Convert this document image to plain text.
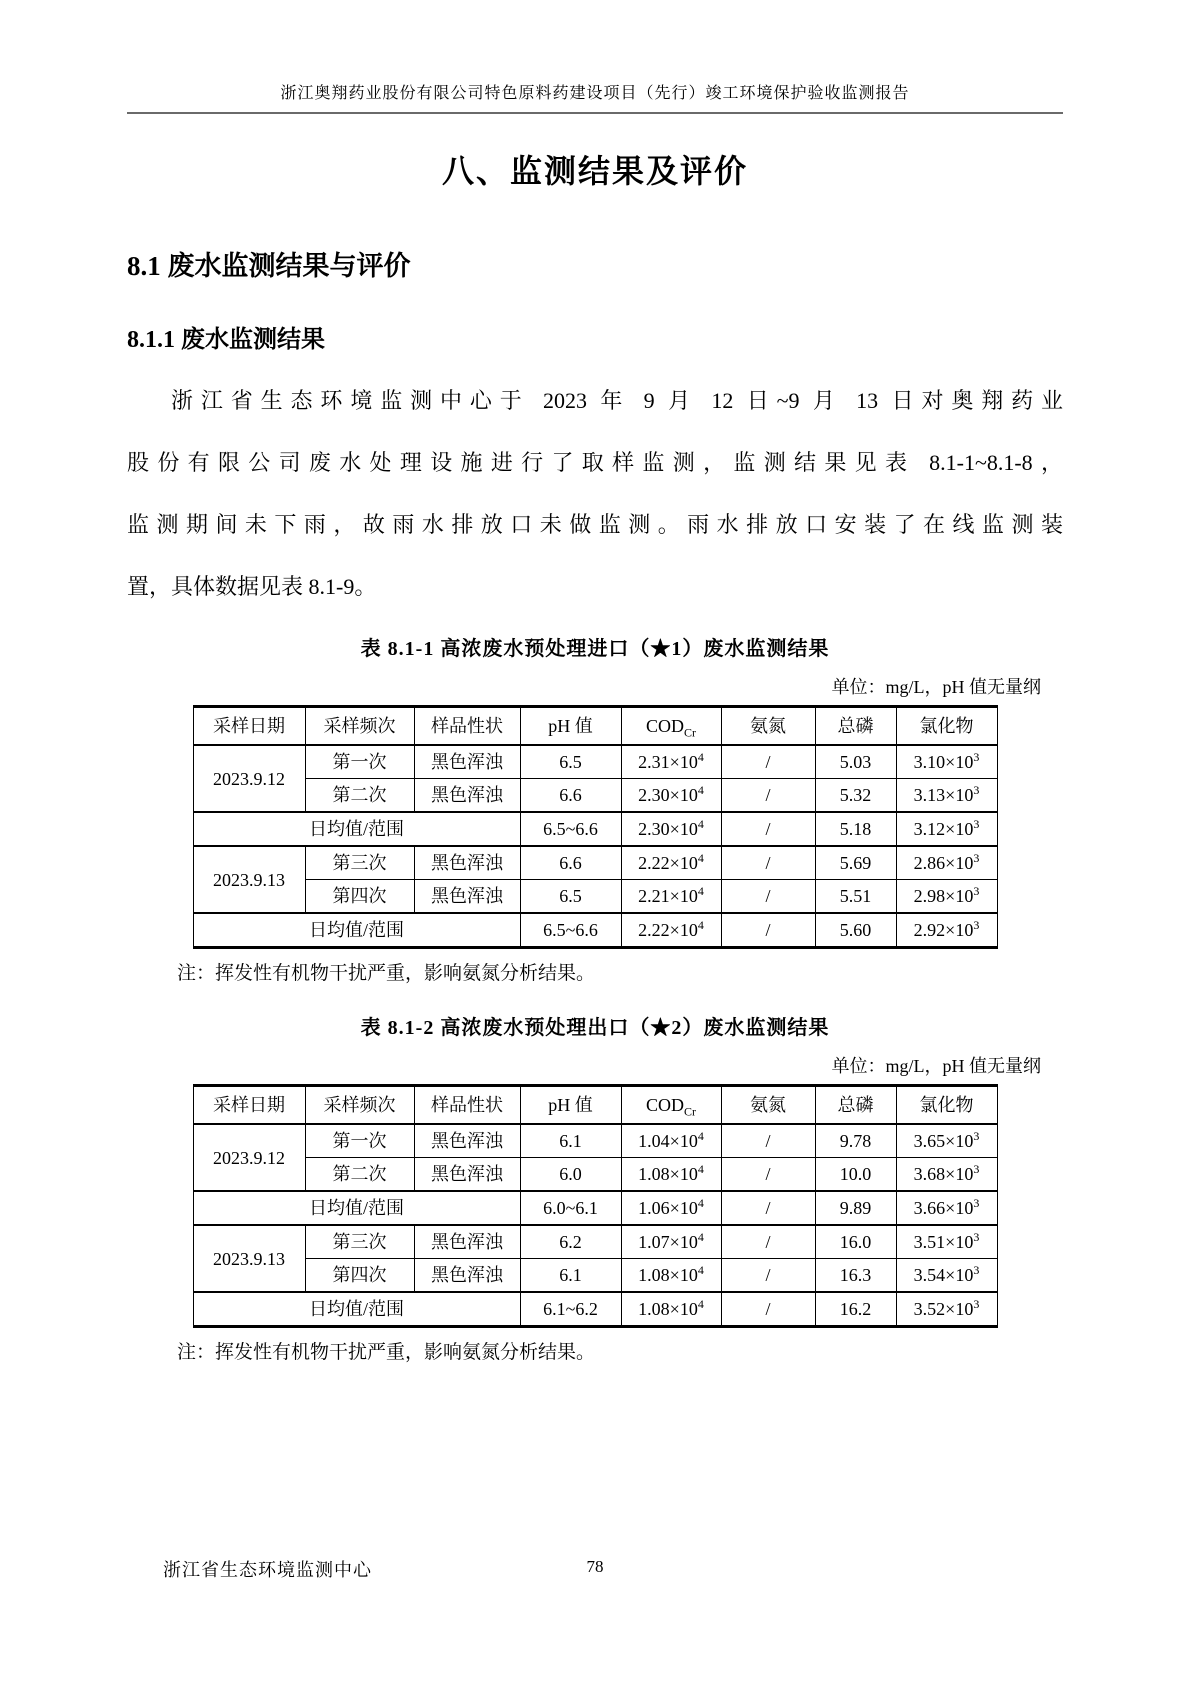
浙江奥翔药业股份有限公司特色原料药建设项目（先行）竣工环境保护验收监测报告
八、监测结果及评价
8.1 废水监测结果与评价
8.1.1 废水监测结果
浙江省生态环境监测中心于 2023 年 9 月 12 日~9 月 13 日对奥翔药业
股份有限公司废水处理设施进行了取样监测，监测结果见表 8.1-1~8.1-8，
监测期间未下雨，故雨水排放口未做监测。雨水排放口安装了在线监测装
置，具体数据见表 8.1-9。
表 8.1-1 高浓废水预处理进口（★1）废水监测结果
单位：mg/L，pH 值无量纲
采样日期	采样频次	样品性状	pH 值	$COD_{Cr}$	氨氮	总磷	氯化物
2023.9.12	第一次	黑色浑浊	6.5	$2.31\times 10^4$	/	5.03	$3.10\times 10^3$
	第二次	黑色浑浊	6.6	$2.30\times 10^4$	/	5.32	$3.13\times 10^3$
日均值/范围			6.5~6.6	$2.30\times 10^4$	/	5.18	$3.12\times 10^3$
2023.9.13	第三次	黑色浑浊	6.6	$2.22\times 10^4$	/	5.69	$2.86\times 10^3$
	第四次	黑色浑浊	6.5	$2.21\times 10^4$	/	5.51	$2.98\times 10^3$
日均值/范围			6.5~6.6	$2.22\times 10^4$	/	5.60	$2.92\times 10^3$
注：挥发性有机物干扰严重，影响氨氮分析结果。
表 8.1-2 高浓废水预处理出口（★2）废水监测结果
单位：mg/L，pH 值无量纲
采样日期	采样频次	样品性状	pH 值	$COD_{Cr}$	氨氮	总磷	氯化物
2023.9.12	第一次	黑色浑浊	6.1	$1.04\times 10^4$	/	9.78	$3.65\times 10^3$
	第二次	黑色浑浊	6.0	$1.08\times 10^4$	/	10.0	$3.68\times 10^3$
日均值/范围			6.0~6.1	$1.06\times 10^4$	/	9.89	$3.66\times 10^3$
2023.9.13	第三次	黑色浑浊	6.2	$1.07\times 10^4$	/	16.0	$3.51\times 10^3$
	第四次	黑色浑浊	6.1	$1.08\times 10^4$	/	16.3	$3.54\times 10^3$
日均值/范围			6.1~6.2	$1.08\times 10^4$	/	16.2	$3.52\times 10^3$
注：挥发性有机物干扰严重，影响氨氮分析结果。
浙江省生态环境监测中心	78
